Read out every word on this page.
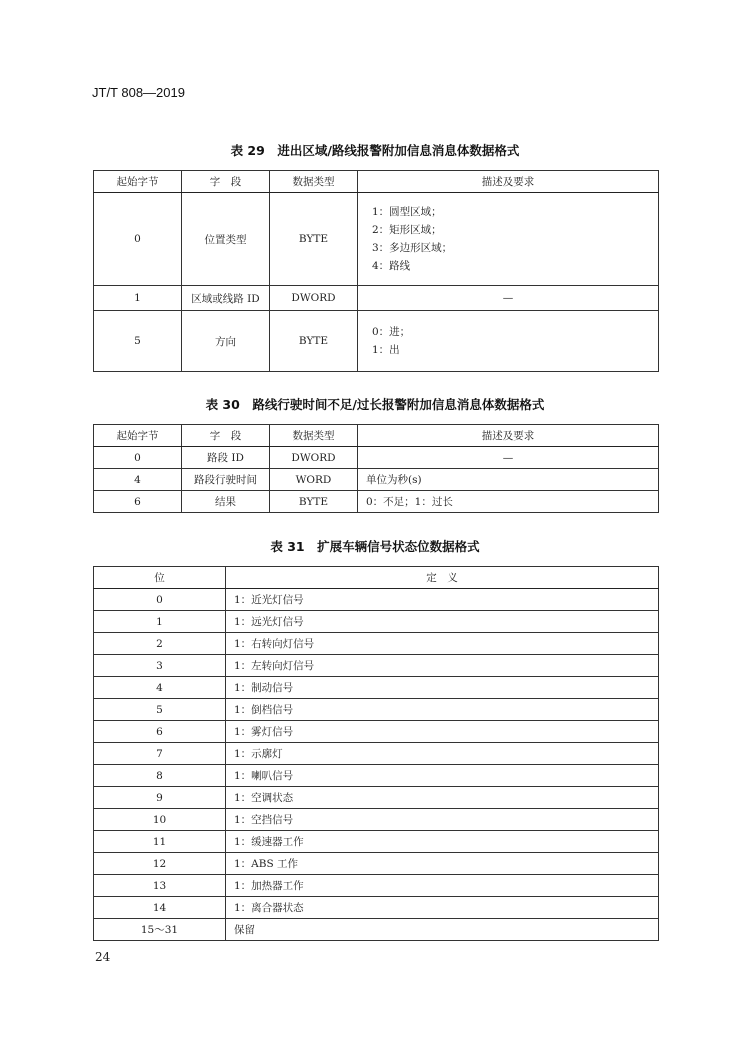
JT/T 808—2019
表 29　进出区域/路线报警附加信息消息体数据格式
起始字节	字　段	数据类型	描述及要求
0	位置类型	BYTE	1：圆型区域；
2：矩形区域；
3：多边形区域；
4：路线

1	区域或线路 ID	DWORD	—
5	方向	BYTE	0：进；
1：出
表 30　路线行驶时间不足/过长报警附加信息消息体数据格式
起始字节	字　段	数据类型	描述及要求
0	路段 ID	DWORD	—
4	路段行驶时间	WORD	单位为秒(s)
6	结果	BYTE	0：不足；1：过长
表 31　扩展车辆信号状态位数据格式
位	定　义
0	1：近光灯信号
1	1：远光灯信号
2	1：右转向灯信号
3	1：左转向灯信号
4	1：制动信号
5	1：倒档信号
6	1：雾灯信号
7	1：示廓灯
8	1：喇叭信号
9	1：空调状态
10	1：空挡信号
11	1：缓速器工作
12	1：ABS 工作
13	1：加热器工作
14	1：离合器状态
15～31	保留
24
